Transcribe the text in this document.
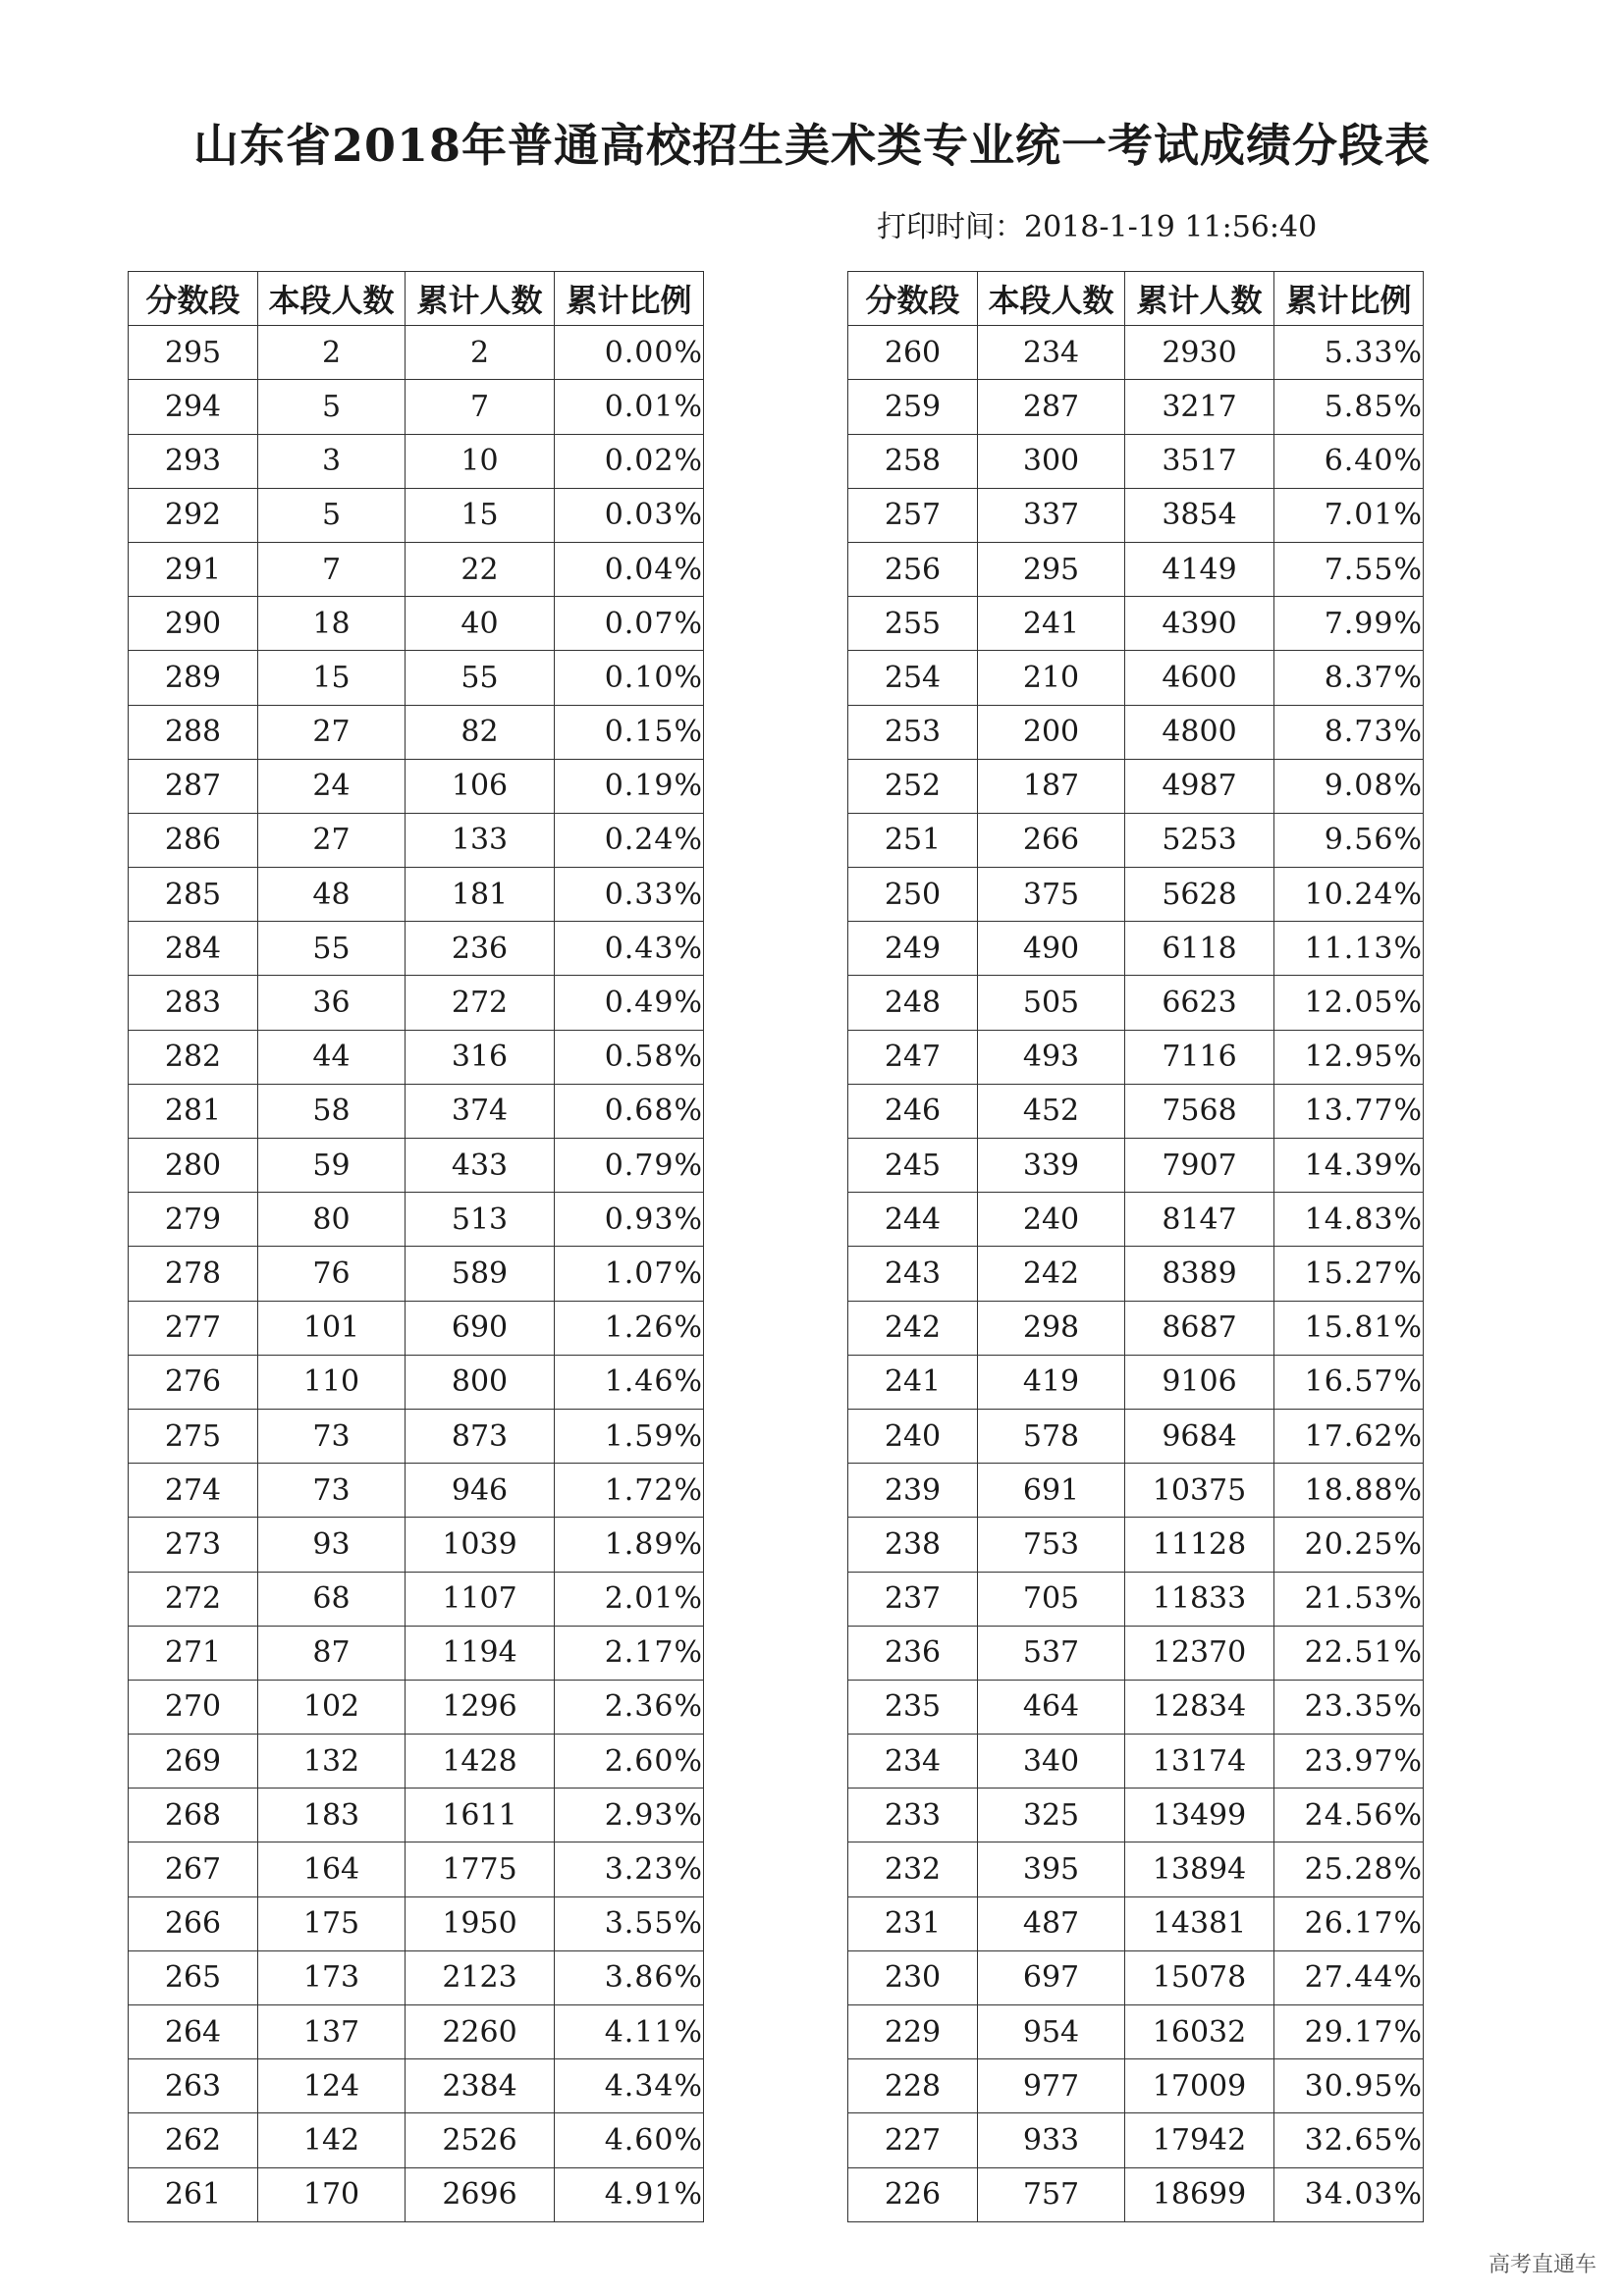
山东省2018年普通高校招生美术类专业统一考试成绩分段表
打印时间：2018-1-19 11:56:40
分数段	本段人数	累计人数	累计比例
295	2	2	0.00%
294	5	7	0.01%
293	3	10	0.02%
292	5	15	0.03%
291	7	22	0.04%
290	18	40	0.07%
289	15	55	0.10%
288	27	82	0.15%
287	24	106	0.19%
286	27	133	0.24%
285	48	181	0.33%
284	55	236	0.43%
283	36	272	0.49%
282	44	316	0.58%
281	58	374	0.68%
280	59	433	0.79%
279	80	513	0.93%
278	76	589	1.07%
277	101	690	1.26%
276	110	800	1.46%
275	73	873	1.59%
274	73	946	1.72%
273	93	1039	1.89%
272	68	1107	2.01%
271	87	1194	2.17%
270	102	1296	2.36%
269	132	1428	2.60%
268	183	1611	2.93%
267	164	1775	3.23%
266	175	1950	3.55%
265	173	2123	3.86%
264	137	2260	4.11%
263	124	2384	4.34%
262	142	2526	4.60%
261	170	2696	4.91%
分数段	本段人数	累计人数	累计比例
260	234	2930	5.33%
259	287	3217	5.85%
258	300	3517	6.40%
257	337	3854	7.01%
256	295	4149	7.55%
255	241	4390	7.99%
254	210	4600	8.37%
253	200	4800	8.73%
252	187	4987	9.08%
251	266	5253	9.56%
250	375	5628	10.24%
249	490	6118	11.13%
248	505	6623	12.05%
247	493	7116	12.95%
246	452	7568	13.77%
245	339	7907	14.39%
244	240	8147	14.83%
243	242	8389	15.27%
242	298	8687	15.81%
241	419	9106	16.57%
240	578	9684	17.62%
239	691	10375	18.88%
238	753	11128	20.25%
237	705	11833	21.53%
236	537	12370	22.51%
235	464	12834	23.35%
234	340	13174	23.97%
233	325	13499	24.56%
232	395	13894	25.28%
231	487	14381	26.17%
230	697	15078	27.44%
229	954	16032	29.17%
228	977	17009	30.95%
227	933	17942	32.65%
226	757	18699	34.03%
高考直通车
